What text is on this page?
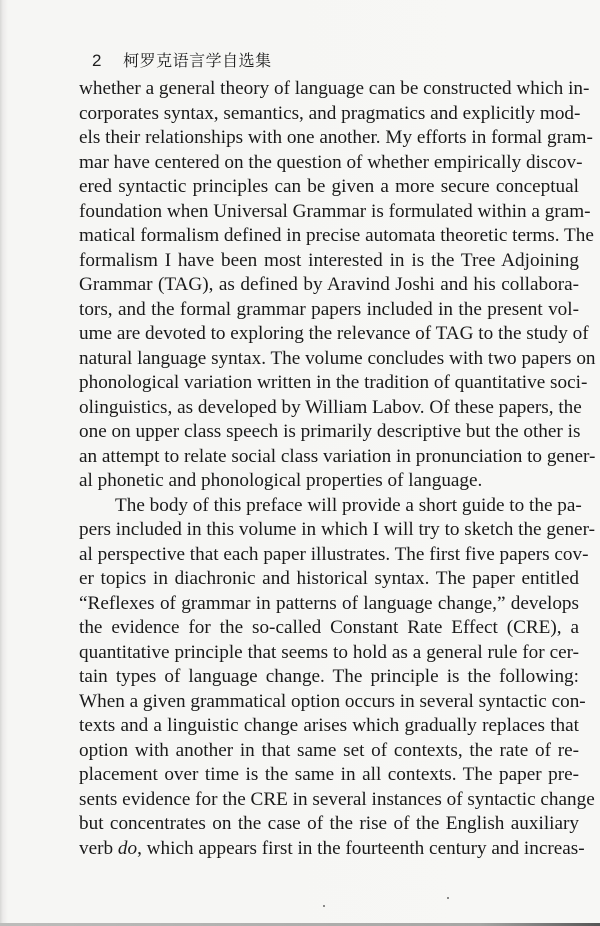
2 柯罗克语言学自选集
whether a general theory of language can be constructed which in-
corporates syntax, semantics, and pragmatics and explicitly mod-
els their relationships with one another. My efforts in formal gram-
mar have centered on the question of whether empirically discov-
ered syntactic principles can be given a more secure conceptual
foundation when Universal Grammar is formulated within a gram-
matical formalism defined in precise automata theoretic terms. The
formalism I have been most interested in is the Tree Adjoining
Grammar (TAG), as defined by Aravind Joshi and his collabora-
tors, and the formal grammar papers included in the present vol-
ume are devoted to exploring the relevance of TAG to the study of
natural language syntax. The volume concludes with two papers on
phonological variation written in the tradition of quantitative soci-
olinguistics, as developed by William Labov. Of these papers, the
one on upper class speech is primarily descriptive but the other is
an attempt to relate social class variation in pronunciation to gener-
al phonetic and phonological properties of language.
The body of this preface will provide a short guide to the pa-
pers included in this volume in which I will try to sketch the gener-
al perspective that each paper illustrates. The first five papers cov-
er topics in diachronic and historical syntax. The paper entitled
“Reflexes of grammar in patterns of language change,” develops
the evidence for the so-called Constant Rate Effect (CRE), a
quantitative principle that seems to hold as a general rule for cer-
tain types of language change. The principle is the following:
When a given grammatical option occurs in several syntactic con-
texts and a linguistic change arises which gradually replaces that
option with another in that same set of contexts, the rate of re-
placement over time is the same in all contexts. The paper pre-
sents evidence for the CRE in several instances of syntactic change
but concentrates on the case of the rise of the English auxiliary
verb do, which appears first in the fourteenth century and increas-
